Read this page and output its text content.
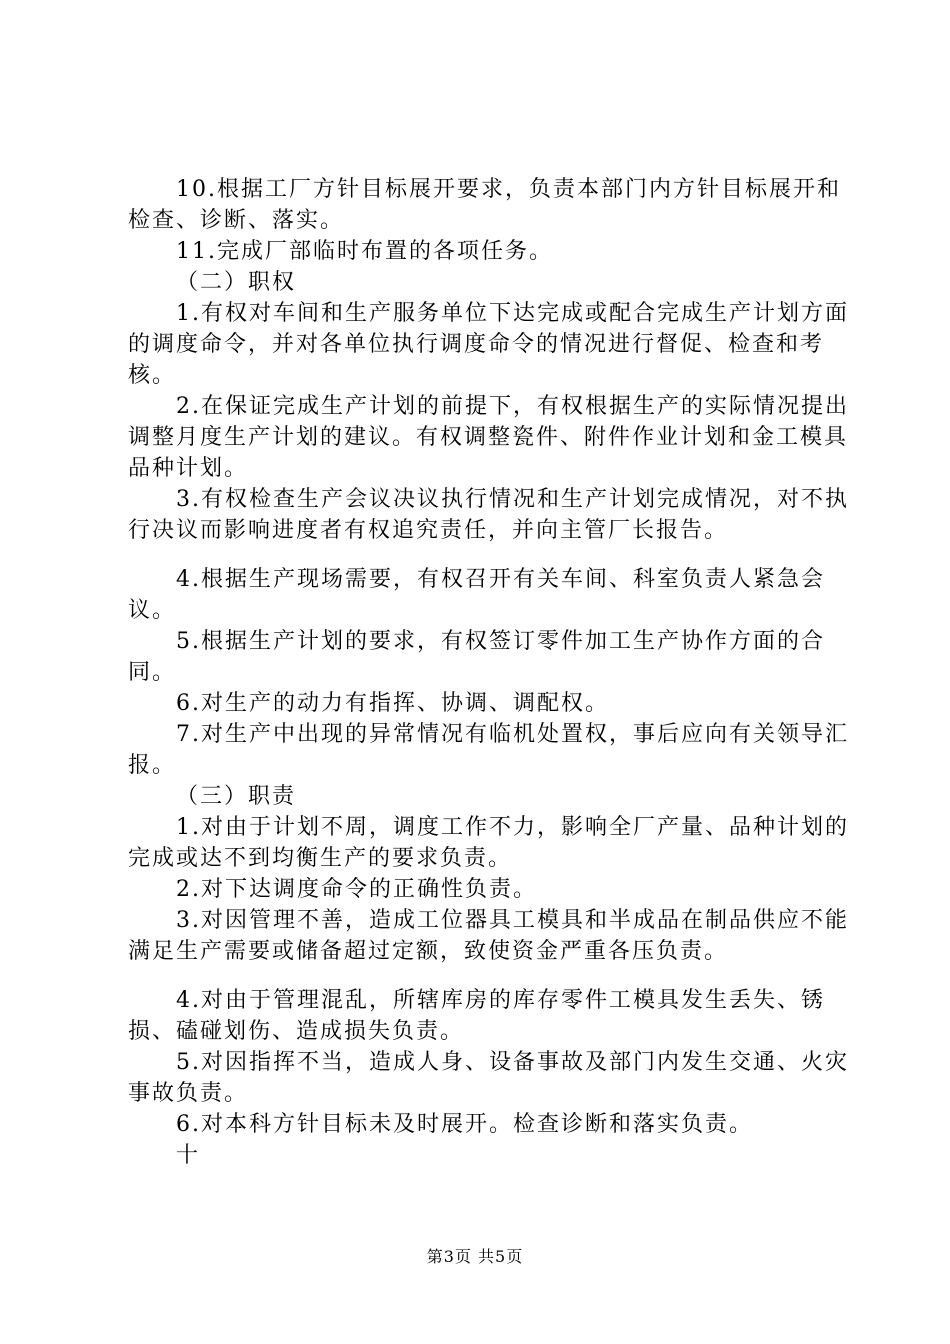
10.根据工厂方针目标展开要求，负责本部门内方针目标展开和检查、诊断、落实。
11.完成厂部临时布置的各项任务。
（二）职权
1.有权对车间和生产服务单位下达完成或配合完成生产计划方面的调度命令，并对各单位执行调度命令的情况进行督促、检查和考核。
2.在保证完成生产计划的前提下，有权根据生产的实际情况提出调整月度生产计划的建议。有权调整瓷件、附件作业计划和金工模具品种计划。
3.有权检查生产会议决议执行情况和生产计划完成情况，对不执行决议而影响进度者有权追究责任，并向主管厂长报告。
4.根据生产现场需要，有权召开有关车间、科室负责人紧急会议。
5.根据生产计划的要求，有权签订零件加工生产协作方面的合同。
6.对生产的动力有指挥、协调、调配权。
7.对生产中出现的异常情况有临机处置权，事后应向有关领导汇报。
（三）职责
1.对由于计划不周，调度工作不力，影响全厂产量、品种计划的完成或达不到均衡生产的要求负责。
2.对下达调度命令的正确性负责。
3.对因管理不善，造成工位器具工模具和半成品在制品供应不能满足生产需要或储备超过定额，致使资金严重各压负责。
4.对由于管理混乱，所辖库房的库存零件工模具发生丢失、锈损、磕碰划伤、造成损失负责。
5.对因指挥不当，造成人身、设备事故及部门内发生交通、火灾事故负责。
6.对本科方针目标未及时展开。检查诊断和落实负责。
十
第3页 共5页
